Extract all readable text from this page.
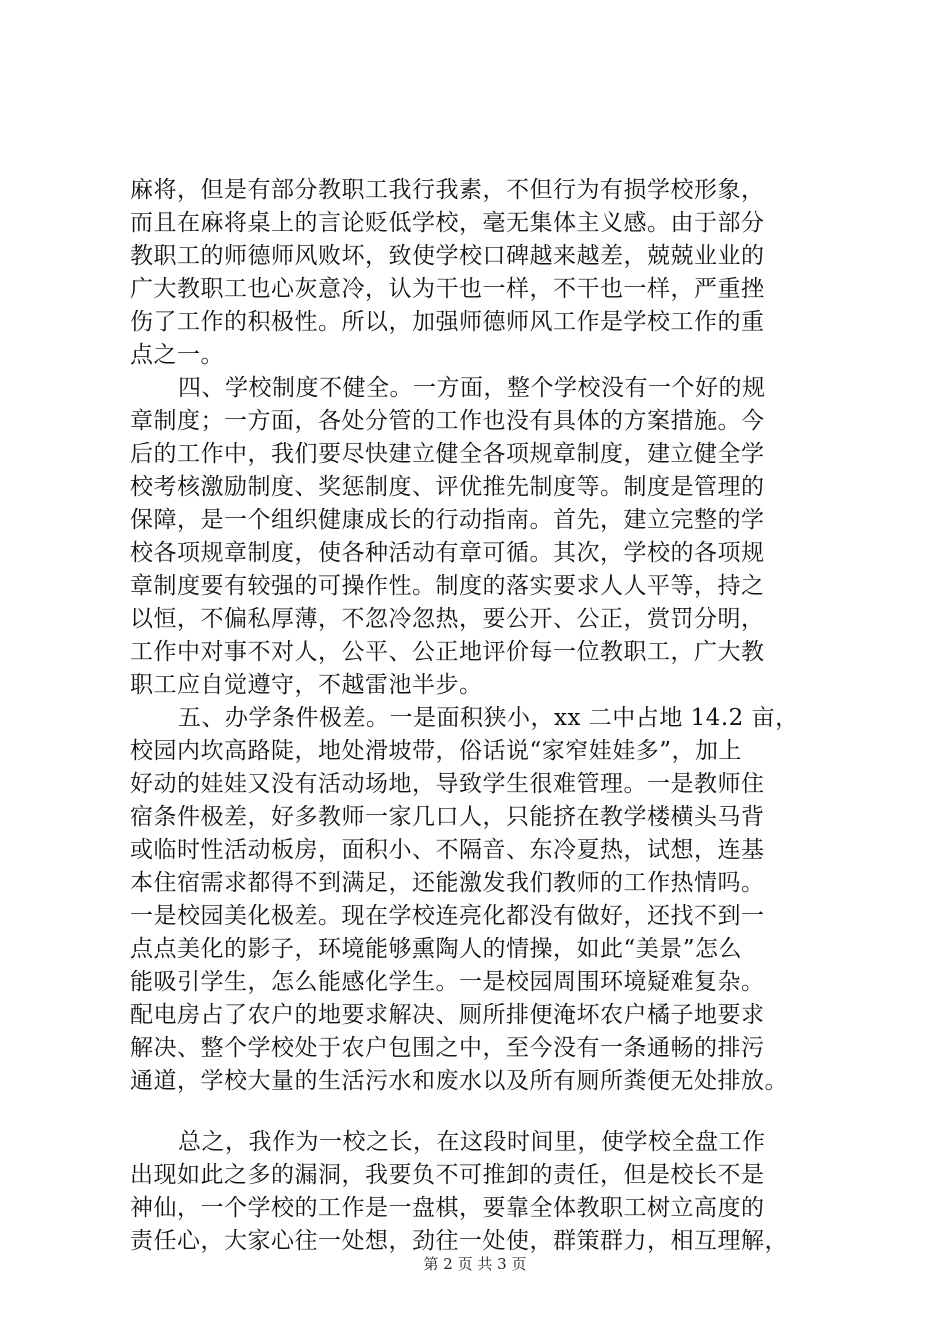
麻将，但是有部分教职工我行我素，不但行为有损学校形象，
而且在麻将桌上的言论贬低学校，毫无集体主义感。由于部分
教职工的师德师风败坏，致使学校口碑越来越差，兢兢业业的
广大教职工也心灰意冷，认为干也一样，不干也一样，严重挫
伤了工作的积极性。所以，加强师德师风工作是学校工作的重
点之一。
四、学校制度不健全。一方面，整个学校没有一个好的规
章制度；一方面，各处分管的工作也没有具体的方案措施。今
后的工作中，我们要尽快建立健全各项规章制度，建立健全学
校考核激励制度、奖惩制度、评优推先制度等。制度是管理的
保障，是一个组织健康成长的行动指南。首先，建立完整的学
校各项规章制度，使各种活动有章可循。其次，学校的各项规
章制度要有较强的可操作性。制度的落实要求人人平等，持之
以恒，不偏私厚薄，不忽冷忽热，要公开、公正，赏罚分明，
工作中对事不对人，公平、公正地评价每一位教职工，广大教
职工应自觉遵守，不越雷池半步。
五、办学条件极差。一是面积狭小，xx 二中占地 14.2 亩，
校园内坎高路陡，地处滑坡带，俗话说“家窄娃娃多”，加上
好动的娃娃又没有活动场地，导致学生很难管理。一是教师住
宿条件极差，好多教师一家几口人，只能挤在教学楼横头马背
或临时性活动板房，面积小、不隔音、东冷夏热，试想，连基
本住宿需求都得不到满足，还能激发我们教师的工作热情吗。
一是校园美化极差。现在学校连亮化都没有做好，还找不到一
点点美化的影子，环境能够熏陶人的情操，如此“美景”怎么
能吸引学生，怎么能感化学生。一是校园周围环境疑难复杂。
配电房占了农户的地要求解决、厕所排便淹坏农户橘子地要求
解决、整个学校处于农户包围之中，至今没有一条通畅的排污
通道，学校大量的生活污水和废水以及所有厕所粪便无处排放。
总之，我作为一校之长，在这段时间里，使学校全盘工作
出现如此之多的漏洞，我要负不可推卸的责任，但是校长不是
神仙，一个学校的工作是一盘棋，要靠全体教职工树立高度的
责任心，大家心往一处想，劲往一处使，群策群力，相互理解，
第 2 页 共 3 页
